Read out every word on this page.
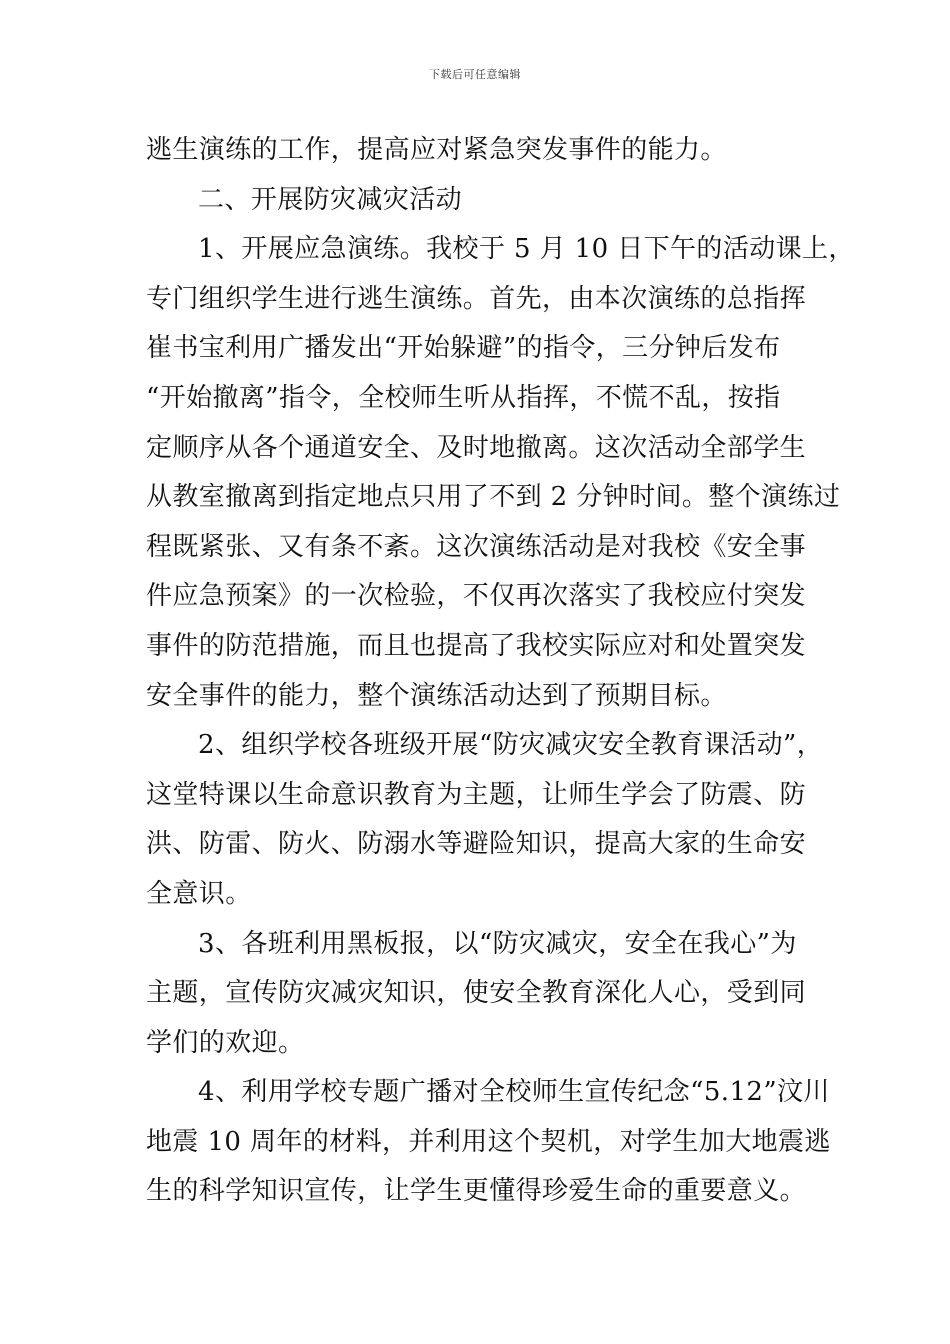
下载后可任意编辑
逃生演练的工作，提高应对紧急突发事件的能力。
二、开展防灾减灾活动
1、开展应急演练。我校于 5 月 10 日下午的活动课上，
专门组织学生进行逃生演练。首先，由本次演练的总指挥
崔书宝利用广播发出“开始躲避”的指令，三分钟后发布
“开始撤离”指令，全校师生听从指挥，不慌不乱，按指
定顺序从各个通道安全、及时地撤离。这次活动全部学生
从教室撤离到指定地点只用了不到 2 分钟时间。整个演练过
程既紧张、又有条不紊。这次演练活动是对我校《安全事
件应急预案》的一次检验，不仅再次落实了我校应付突发
事件的防范措施，而且也提高了我校实际应对和处置突发
安全事件的能力，整个演练活动达到了预期目标。
2、组织学校各班级开展“防灾减灾安全教育课活动”，
这堂特课以生命意识教育为主题，让师生学会了防震、防
洪、防雷、防火、防溺水等避险知识，提高大家的生命安
全意识。
3、各班利用黑板报，以“防灾减灾，安全在我心”为
主题，宣传防灾减灾知识，使安全教育深化人心，受到同
学们的欢迎。
4、利用学校专题广播对全校师生宣传纪念“5.12”汶川
地震 10 周年的材料，并利用这个契机，对学生加大地震逃
生的科学知识宣传，让学生更懂得珍爱生命的重要意义。
